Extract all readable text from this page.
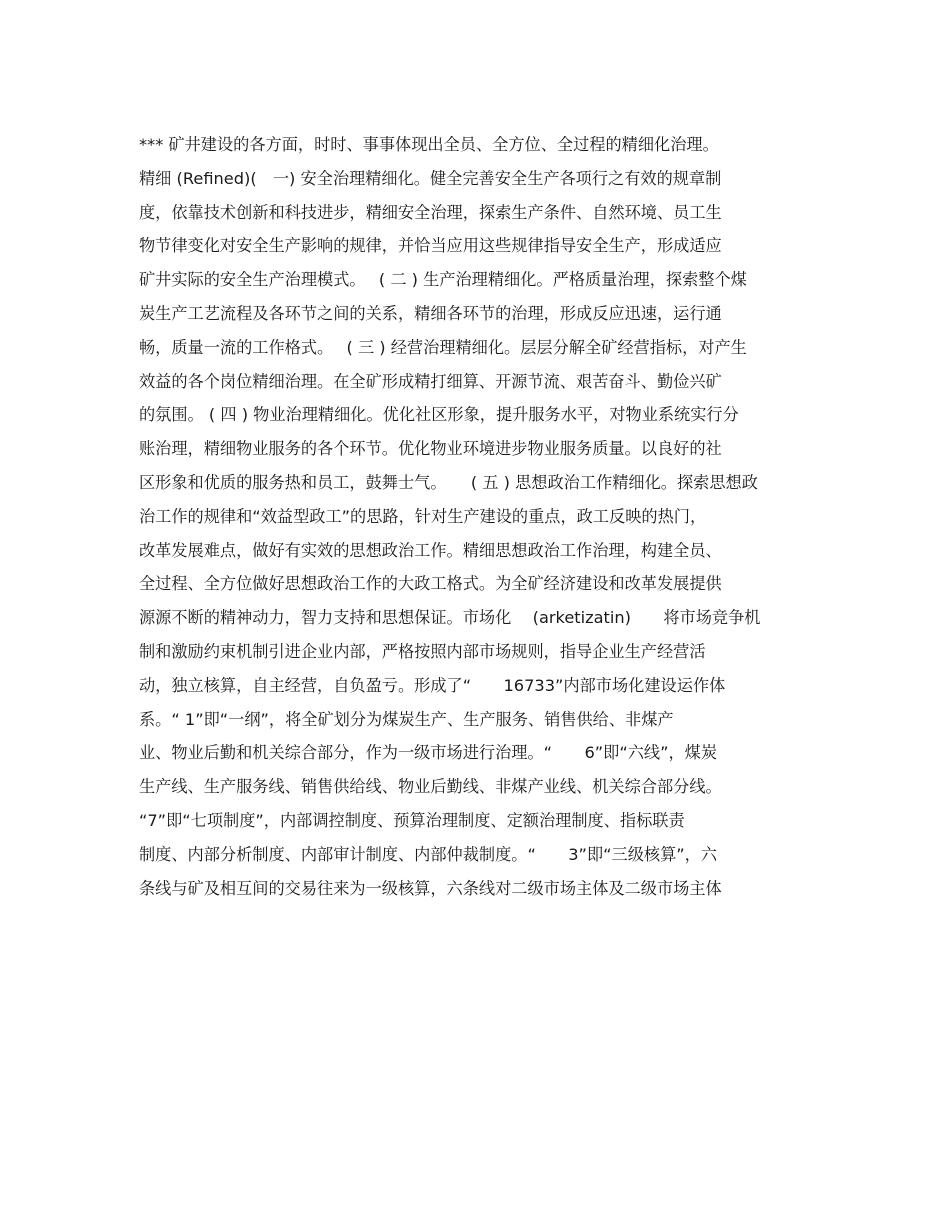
*** 矿井建设的各方面，时时、事事体现出全员、全方位、全过程的精细化治理。
精细 (Refined)(　一) 安全治理精细化。健全完善安全生产各项行之有效的规章制
度，依靠技术创新和科技进步，精细安全治理，探索生产条件、自然环境、员工生
物节律变化对安全生产影响的规律，并恰当应用这些规律指导安全生产，形成适应
矿井实际的安全生产治理模式。　 ( 二 ) 生产治理精细化。严格质量治理，探索整个煤
炭生产工艺流程及各环节之间的关系，精细各环节的治理，形成反应迅速，运行通
畅，质量一流的工作格式。　 ( 三 ) 经营治理精细化。层层分解全矿经营指标，对产生
效益的各个岗位精细治理。在全矿形成精打细算、开源节流、艰苦奋斗、勤俭兴矿
的氛围。 ( 四 ) 物业治理精细化。优化社区形象，提升服务水平，对物业系统实行分
账治理，精细物业服务的各个环节。优化物业环境进步物业服务质量。以良好的社
区形象和优质的服务热和员工，鼓舞士气。　　( 五 ) 思想政治工作精细化。探索思想政
治工作的规律和“效益型政工”的思路，针对生产建设的重点，政工反映的热门，
改革发展难点，做好有实效的思想政治工作。精细思想政治工作治理，构建全员、
全过程、全方位做好思想政治工作的大政工格式。为全矿经济建设和改革发展提供
源源不断的精神动力，智力支持和思想保证。市场化　 (arketizatin)　　将市场竞争机
制和激励约束机制引进企业内部，严格按照内部市场规则，指导企业生产经营活
动，独立核算，自主经营，自负盈亏。形成了“　　16733”内部市场化建设运作体
系。“ 1”即“一纲”，将全矿划分为煤炭生产、生产服务、销售供给、非煤产
业、物业后勤和机关综合部分，作为一级市场进行治理。“　　6”即“六线”，煤炭
生产线、生产服务线、销售供给线、物业后勤线、非煤产业线、机关综合部分线。
“7”即“七项制度”，内部调控制度、预算治理制度、定额治理制度、指标联责
制度、内部分析制度、内部审计制度、内部仲裁制度。“　　3”即“三级核算”，六
条线与矿及相互间的交易往来为一级核算，六条线对二级市场主体及二级市场主体
